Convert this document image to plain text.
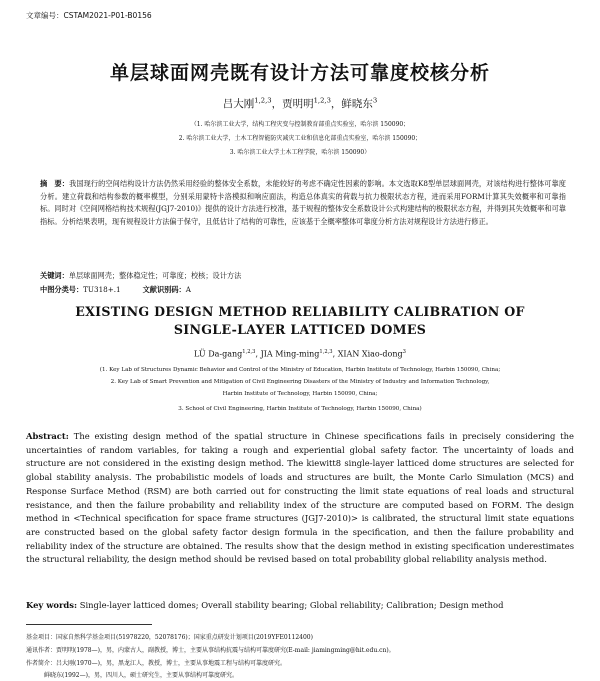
文章编号：CSTAM2021-P01-B0156
单层球面网壳既有设计方法可靠度校核分析
吕大刚$^{1,2,3}$，贾明明$^{1,2,3}$，鲜晓东$^3$
（1. 哈尔滨工业大学，结构工程灾变与控制教育部重点实验室，哈尔滨 150090；
2. 哈尔滨工业大学，土木工程智能防灾减灾工业和信息化部重点实验室，哈尔滨 150090；
3. 哈尔滨工业大学土木工程学院，哈尔滨 150090）
摘　要：我国现行的空间结构设计方法仍然采用经验的整体安全系数，未能较好的考虑不确定性因素的影响。本文选取K8型单层球面网壳，对该结构进行整体可靠度分析。建立荷载和结构参数的概率模型，分别采用蒙特卡洛模拟和响应面法，构造总体真实的荷载与抗力极限状态方程，进而采用FORM计算其失效概率和可靠指标。同时对《空间网格结构技术规程(JGJ7-2010)》提供的设计方法进行校准，基于规程的整体安全系数设计公式构建结构的极限状态方程，并得到其失效概率和可靠指标。分析结果表明，现有规程设计方法偏于保守，且低估计了结构的可靠性，应该基于全概率整体可靠度分析方法对规程设计方法进行修正。
关键词：单层球面网壳；整体稳定性；可靠度；校核；设计方法
中图分类号：TU318+.1	文献识别码：A
EXISTING DESIGN METHOD RELIABILITY CALIBRATION OF
SINGLE-LAYER LATTICED DOMES
LÜ Da-gang$^{1,2,3}$, JIA Ming-ming$^{1,2,3}$, XIAN Xiao-dong$^3$
(1. Key Lab of Structures Dynamic Behavior and Control of the Ministry of Education, Harbin Institute of Technology, Harbin 150090, China;
2. Key Lab of Smart Prevention and Mitigation of Civil Engineering Disasters of the Ministry of Industry and Information Technology,
Harbin Institute of Technology, Harbin 150090, China;
3. School of Civil Engineering, Harbin Institute of Technology, Harbin 150090, China)
Abstract: The existing design method of the spatial structure in Chinese specifications fails in precisely considering the uncertainties of random variables, for taking a rough and experiential global safety factor. The uncertainty of loads and structure are not considered in the existing design method. The kiewitt8 single-layer latticed dome structures are selected for global stability analysis. The probabilistic models of loads and structures are built, the Monte Carlo Simulation (MCS) and Response Surface Method (RSM) are both carried out for constructing the limit state equations of real loads and structural resistance, and then the failure probability and reliability index of the structure are computed based on FORM. The design method in <Technical specification for space frame structures (JGJ7-2010)> is calibrated, the structural limit state equations are constructed based on the global safety factor design formula in the specification, and then the failure probability and reliability index of the structure are obtained. The results show that the design method in existing specification underestimates the structural reliability, the design method should be revised based on total probability global reliability analysis method.
Key words: Single-layer latticed domes; Overall stability bearing; Global reliability; Calibration; Design method
基金项目：国家自然科学基金项目(51978220，52078176)；国家重点研发计划项目(2019YFE0112400)
通讯作者：贾明明(1978—)，男，内蒙古人，副教授，博士，主要从事结构抗震与结构可靠度研究(E-mail: jiamingming@hit.edu.cn)。
作者简介：吕大刚(1970—)，男，黑龙江人，教授，博士，主要从事地震工程与结构可靠度研究。
鲜晓东(1992—)，男，四川人，硕士研究生，主要从事结构可靠度研究。
